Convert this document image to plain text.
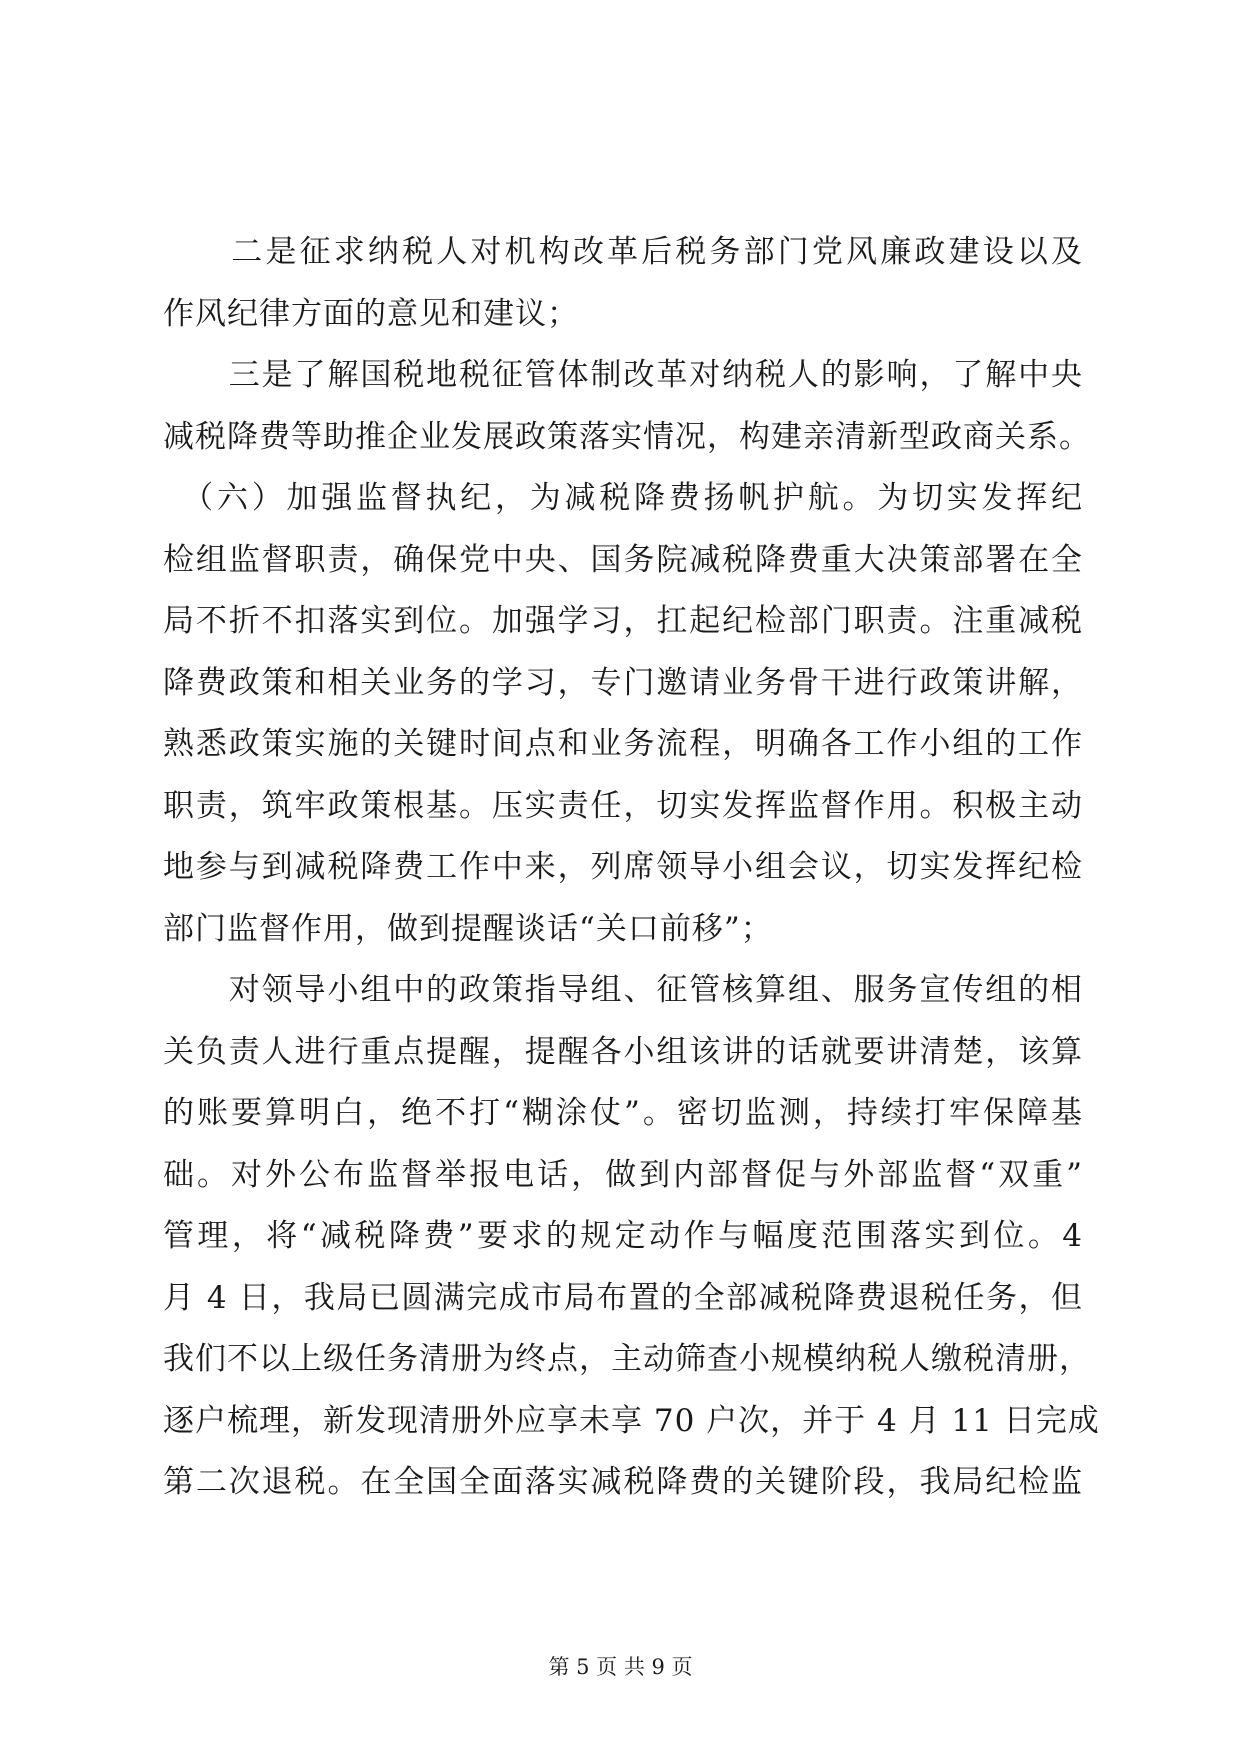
　　二是征求纳税人对机构改革后税务部门党风廉政建设以及
作风纪律方面的意见和建议；
　　三是了解国税地税征管体制改革对纳税人的影响，了解中央
减税降费等助推企业发展政策落实情况，构建亲清新型政商关系。
　（六）加强监督执纪，为减税降费扬帆护航。为切实发挥纪
检组监督职责，确保党中央、国务院减税降费重大决策部署在全
局不折不扣落实到位。加强学习，扛起纪检部门职责。注重减税
降费政策和相关业务的学习，专门邀请业务骨干进行政策讲解，
熟悉政策实施的关键时间点和业务流程，明确各工作小组的工作
职责，筑牢政策根基。压实责任，切实发挥监督作用。积极主动
地参与到减税降费工作中来，列席领导小组会议，切实发挥纪检
部门监督作用，做到提醒谈话“关口前移”；
　　对领导小组中的政策指导组、征管核算组、服务宣传组的相
关负责人进行重点提醒，提醒各小组该讲的话就要讲清楚，该算
的账要算明白，绝不打“糊涂仗”。密切监测，持续打牢保障基
础。对外公布监督举报电话，做到内部督促与外部监督“双重”
管理，将“减税降费”要求的规定动作与幅度范围落实到位。4
月 4 日，我局已圆满完成市局布置的全部减税降费退税任务，但
我们不以上级任务清册为终点，主动筛查小规模纳税人缴税清册，
逐户梳理，新发现清册外应享未享 70 户次，并于 4 月 11 日完成
第二次退税。在全国全面落实减税降费的关键阶段，我局纪检监
第 5 页 共 9 页
